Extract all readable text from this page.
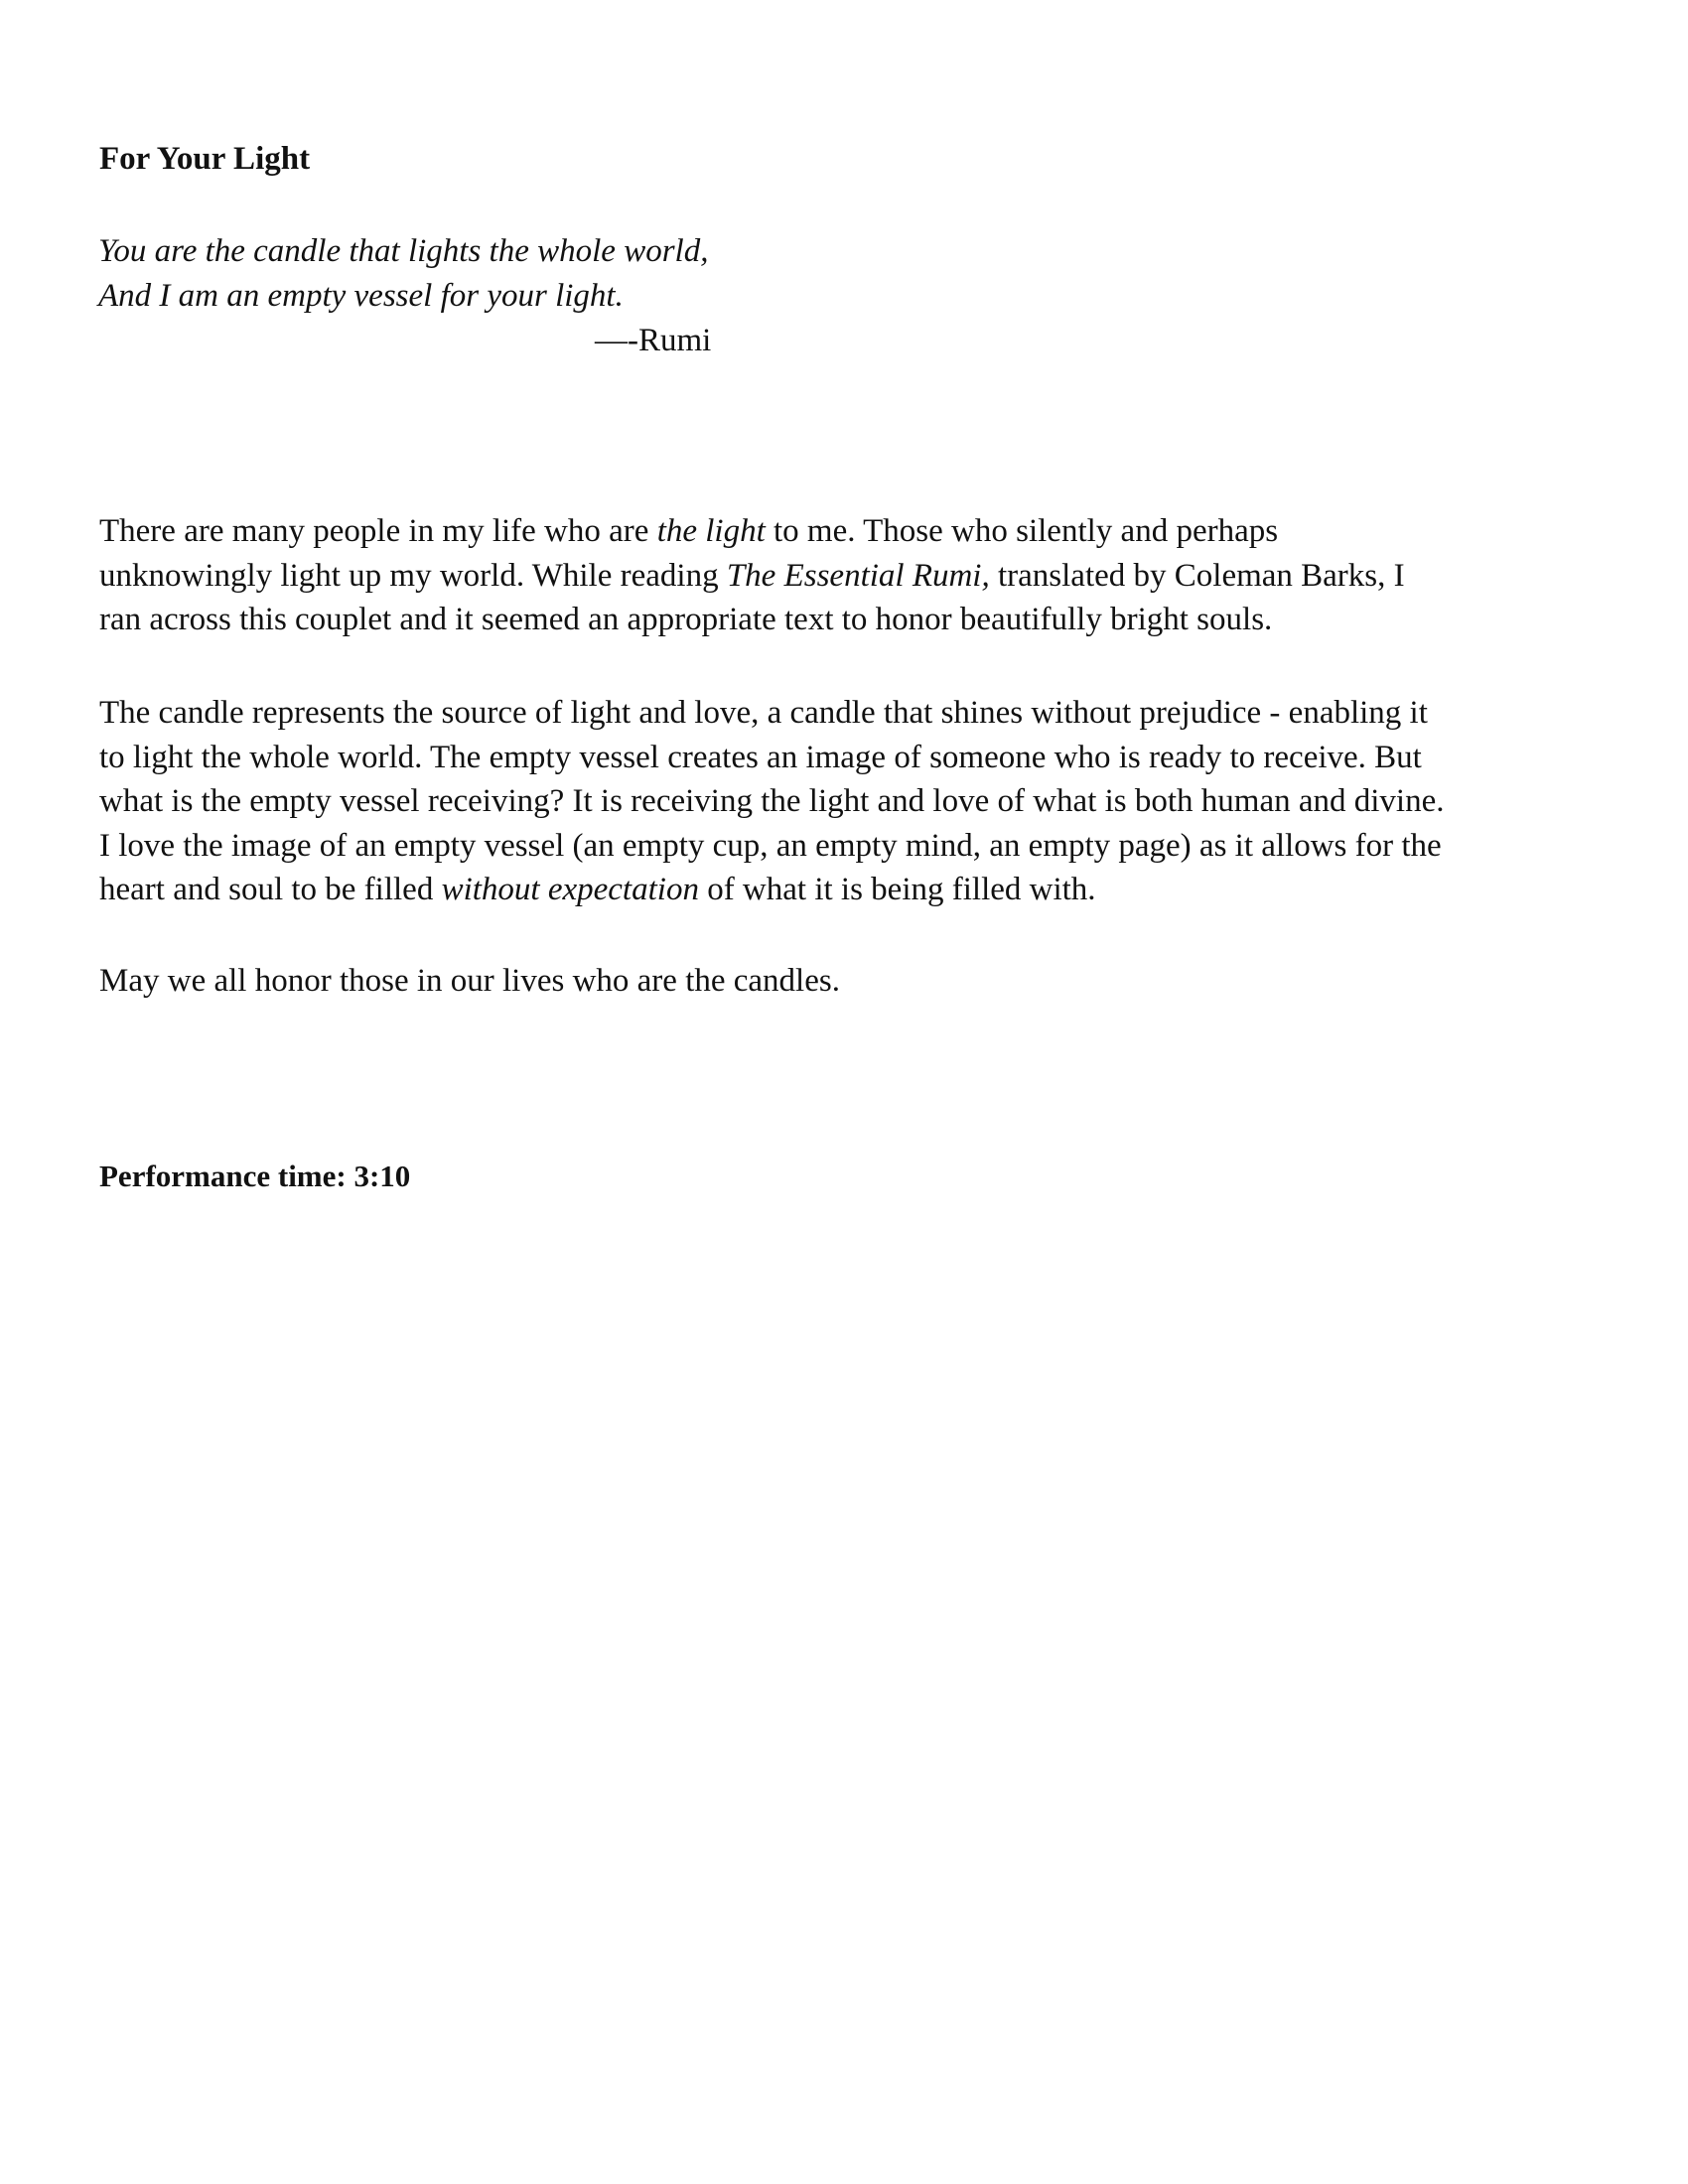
For Your Light
You are the candle that lights the whole world,
And I am an empty vessel for your light.
—-Rumi

There are many people in my life who are the light to me. Those who silently and perhaps
unknowingly light up my world. While reading The Essential Rumi, translated by Coleman Barks, I
ran across this couplet and it seemed an appropriate text to honor beautifully bright souls.

The candle represents the source of light and love, a candle that shines without prejudice - enabling it
to light the whole world. The empty vessel creates an image of someone who is ready to receive. But
what is the empty vessel receiving? It is receiving the light and love of what is both human and divine.
I love the image of an empty vessel (an empty cup, an empty mind, an empty page) as it allows for the
heart and soul to be filled without expectation of what it is being filled with.

May we all honor those in our lives who are the candles.

Performance time: 3:10
